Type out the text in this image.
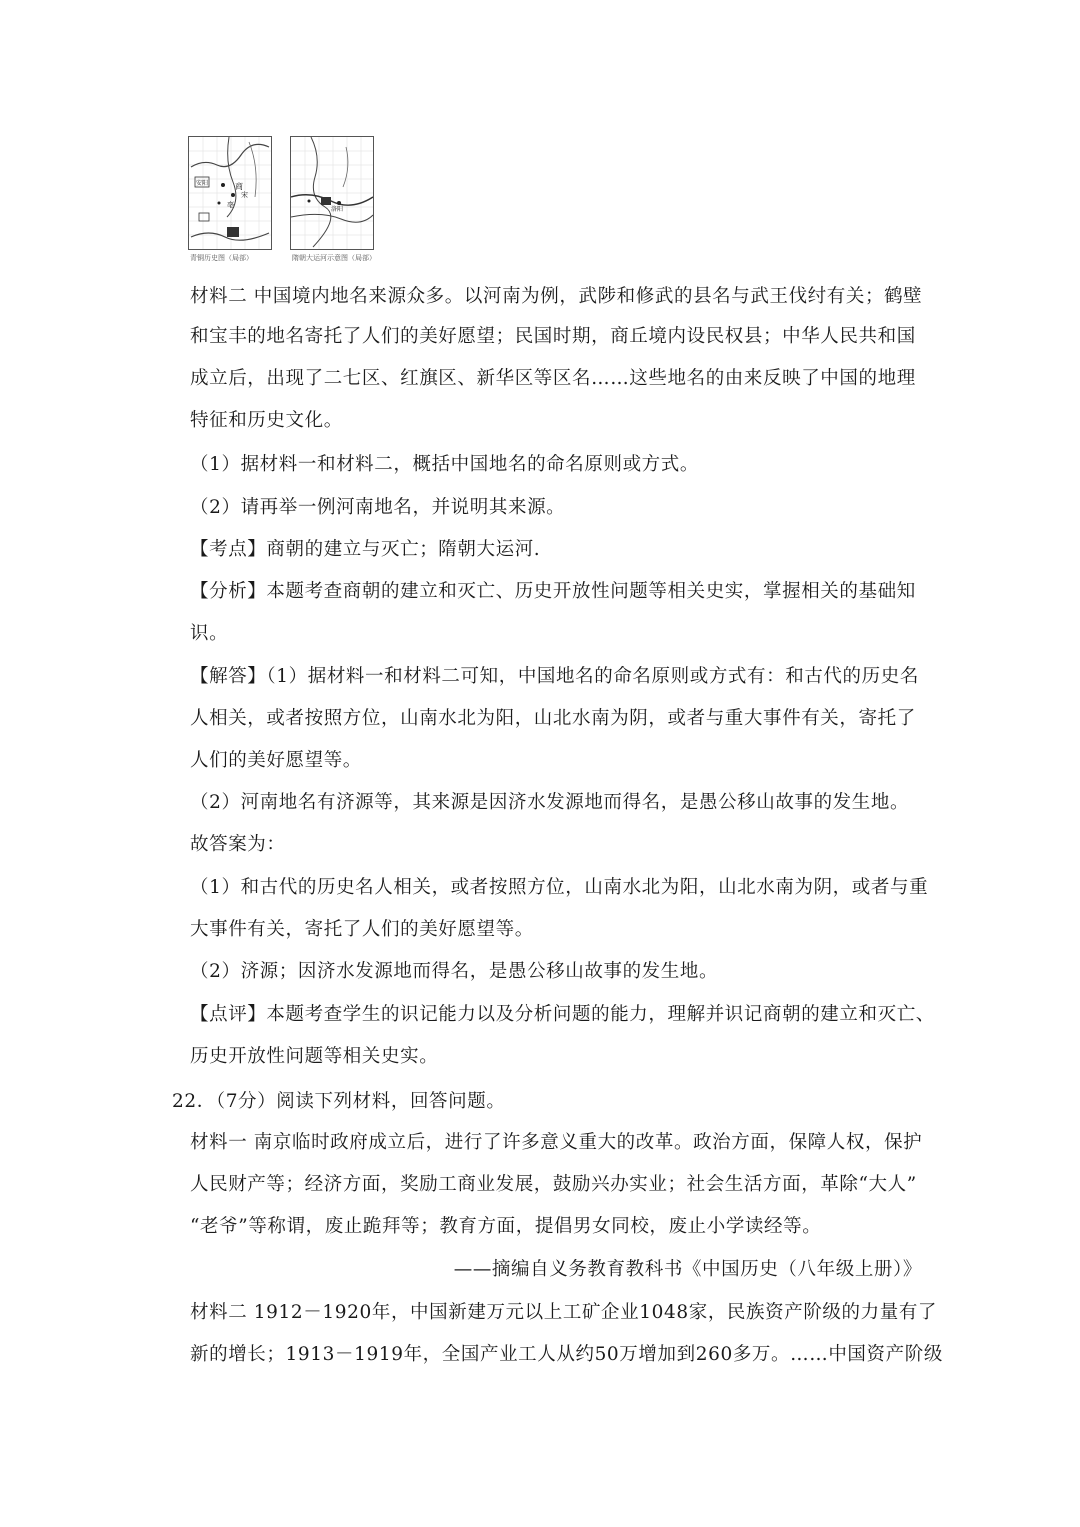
安阳	商
宋
亳
青铜历史图（局部）
洛阳
隋朝大运河示意图（局部）
材料二 中国境内地名来源众多。以河南为例，武陟和修武的县名与武王伐纣有关；鹤壁
和宝丰的地名寄托了人们的美好愿望；民国时期，商丘境内设民权县；中华人民共和国
成立后，出现了二七区、红旗区、新华区等区名……这些地名的由来反映了中国的地理
特征和历史文化。
（1）据材料一和材料二，概括中国地名的命名原则或方式。
（2）请再举一例河南地名，并说明其来源。
【考点】商朝的建立与灭亡；隋朝大运河.
【分析】本题考查商朝的建立和灭亡、历史开放性问题等相关史实，掌握相关的基础知
识。
【解答】（1）据材料一和材料二可知，中国地名的命名原则或方式有：和古代的历史名
人相关，或者按照方位，山南水北为阳，山北水南为阴，或者与重大事件有关，寄托了
人们的美好愿望等。
（2）河南地名有济源等，其来源是因济水发源地而得名，是愚公移山故事的发生地。
故答案为：
（1）和古代的历史名人相关，或者按照方位，山南水北为阳，山北水南为阴，或者与重
大事件有关，寄托了人们的美好愿望等。
（2）济源；因济水发源地而得名，是愚公移山故事的发生地。
【点评】本题考查学生的识记能力以及分析问题的能力，理解并识记商朝的建立和灭亡、
历史开放性问题等相关史实。
22．（7分）阅读下列材料，回答问题。
材料一 南京临时政府成立后，进行了许多意义重大的改革。政治方面，保障人权，保护
人民财产等；经济方面，奖励工商业发展，鼓励兴办实业；社会生活方面，革除“大人”
“老爷”等称谓，废止跪拜等；教育方面，提倡男女同校，废止小学读经等。
——摘编自义务教育教科书《中国历史（八年级上册）》
材料二 1912－1920年，中国新建万元以上工矿企业1048家，民族资产阶级的力量有了
新的增长；1913－1919年，全国产业工人从约50万增加到260多万。……中国资产阶级
